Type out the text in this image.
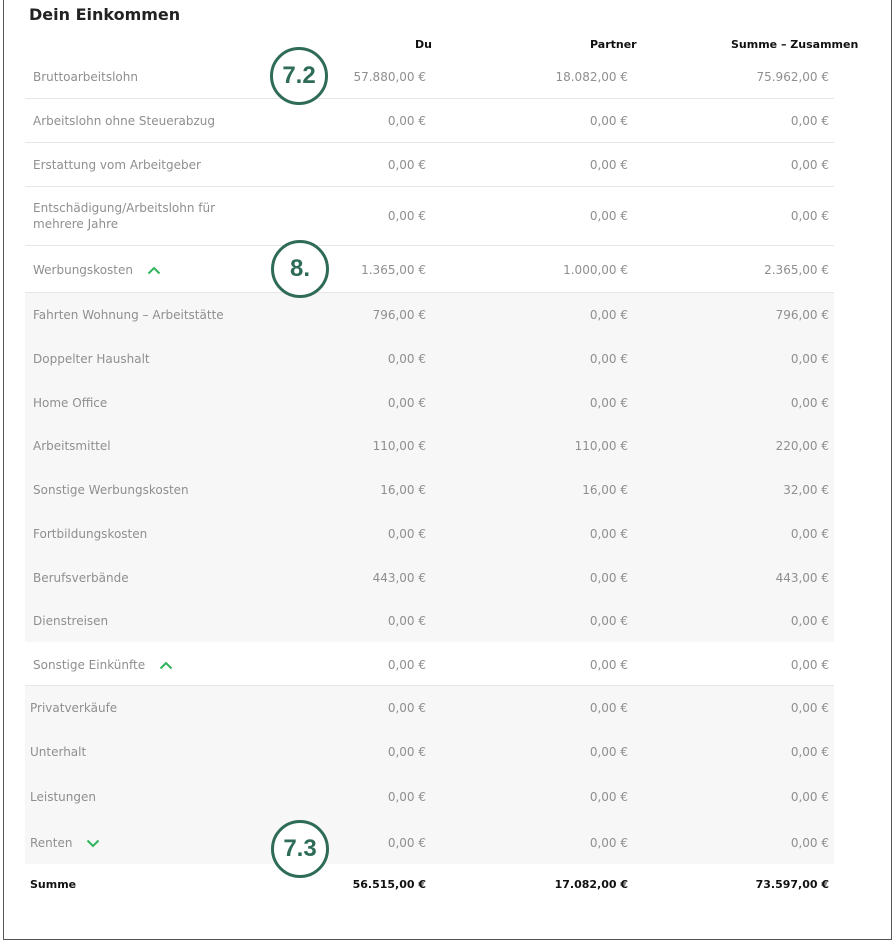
Dein Einkommen
Du	Partner	Summe – Zusammen
Bruttoarbeitslohn	57.880,00 €	18.082,00 €	75.962,00 €
Arbeitslohn ohne Steuerabzug	0,00 €	0,00 €	0,00 €
Erstattung vom Arbeitgeber	0,00 €	0,00 €	0,00 €
Entschädigung/Arbeitslohn für
mehrere Jahre
0,00 €	0,00 €	0,00 €
Werbungskosten	1.365,00 €	1.000,00 €	2.365,00 €
Fahrten Wohnung – Arbeitstätte	796,00 €	0,00 €	796,00 €
Doppelter Haushalt	0,00 €	0,00 €	0,00 €
Home Office	0,00 €	0,00 €	0,00 €
Arbeitsmittel	110,00 €	110,00 €	220,00 €
Sonstige Werbungskosten	16,00 €	16,00 €	32,00 €
Fortbildungskosten	0,00 €	0,00 €	0,00 €
Berufsverbände	443,00 €	0,00 €	443,00 €
Dienstreisen	0,00 €	0,00 €	0,00 €
Sonstige Einkünfte	0,00 €	0,00 €	0,00 €
Privatverkäufe	0,00 €	0,00 €	0,00 €
Unterhalt	0,00 €	0,00 €	0,00 €
Leistungen	0,00 €	0,00 €	0,00 €
Renten	0,00 €	0,00 €	0,00 €
Summe	56.515,00 €	17.082,00 €	73.597,00 €
7.2
8.
7.3
